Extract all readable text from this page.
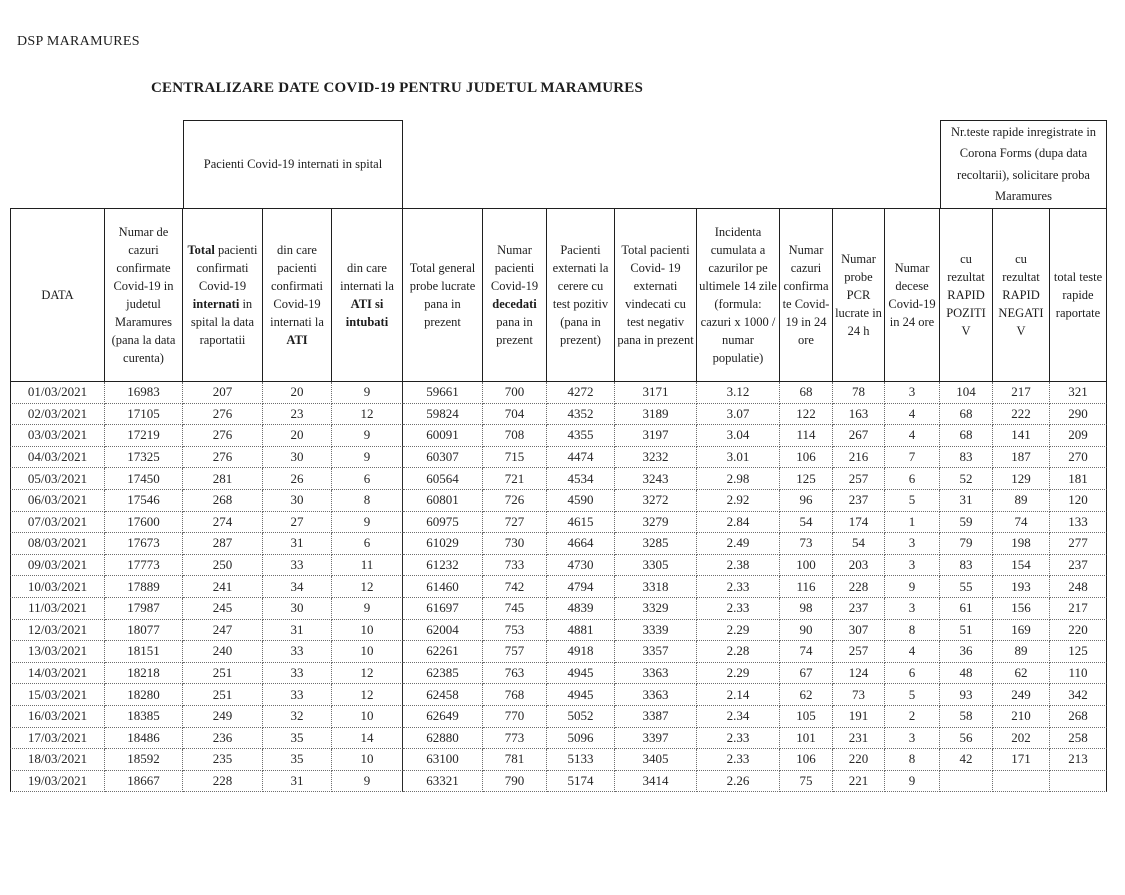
DSP MARAMURES
CENTRALIZARE DATE COVID-19 PENTRU JUDETUL MARAMURES
Pacienti Covid-19 internati in spital
Nr.teste rapide inregistrate in Corona Forms (dupa data recoltarii), solicitare proba Maramures
DATA
Numar de cazuri confirmate Covid-19 in judetul Maramures (pana la data curenta)
Total pacienti confirmati Covid-19 internati in spital la data raportatii
din care pacienti confirmati Covid-19 internati la ATI
din care internati la ATI si intubati
Total general probe lucrate pana in prezent
Numar pacienti Covid-19 decedati pana in prezent
Pacienti externati la cerere cu test pozitiv (pana in prezent)
Total pacienti Covid- 19 externati vindecati cu test negativ pana in prezent
Incidenta cumulata a cazurilor pe ultimele 14 zile (formula: cazuri x 1000 / numar populatie)
Numar cazuri confirmate Covid-19 in 24 ore
Numar probe PCR lucrate in 24 h
Numar decese Covid-19 in 24 ore
cu rezultat RAPID POZITIV
cu rezultat RAPID NEGATIV
total teste rapide raportate
01/03/2021	16983	207	20	9	59661	700	4272	3171	3.12	68	78	3	104	217	321
02/03/2021	17105	276	23	12	59824	704	4352	3189	3.07	122	163	4	68	222	290
03/03/2021	17219	276	20	9	60091	708	4355	3197	3.04	114	267	4	68	141	209
04/03/2021	17325	276	30	9	60307	715	4474	3232	3.01	106	216	7	83	187	270
05/03/2021	17450	281	26	6	60564	721	4534	3243	2.98	125	257	6	52	129	181
06/03/2021	17546	268	30	8	60801	726	4590	3272	2.92	96	237	5	31	89	120
07/03/2021	17600	274	27	9	60975	727	4615	3279	2.84	54	174	1	59	74	133
08/03/2021	17673	287	31	6	61029	730	4664	3285	2.49	73	54	3	79	198	277
09/03/2021	17773	250	33	11	61232	733	4730	3305	2.38	100	203	3	83	154	237
10/03/2021	17889	241	34	12	61460	742	4794	3318	2.33	116	228	9	55	193	248
11/03/2021	17987	245	30	9	61697	745	4839	3329	2.33	98	237	3	61	156	217
12/03/2021	18077	247	31	10	62004	753	4881	3339	2.29	90	307	8	51	169	220
13/03/2021	18151	240	33	10	62261	757	4918	3357	2.28	74	257	4	36	89	125
14/03/2021	18218	251	33	12	62385	763	4945	3363	2.29	67	124	6	48	62	110
15/03/2021	18280	251	33	12	62458	768	4945	3363	2.14	62	73	5	93	249	342
16/03/2021	18385	249	32	10	62649	770	5052	3387	2.34	105	191	2	58	210	268
17/03/2021	18486	236	35	14	62880	773	5096	3397	2.33	101	231	3	56	202	258
18/03/2021	18592	235	35	10	63100	781	5133	3405	2.33	106	220	8	42	171	213
19/03/2021	18667	228	31	9	63321	790	5174	3414	2.26	75	221	9
